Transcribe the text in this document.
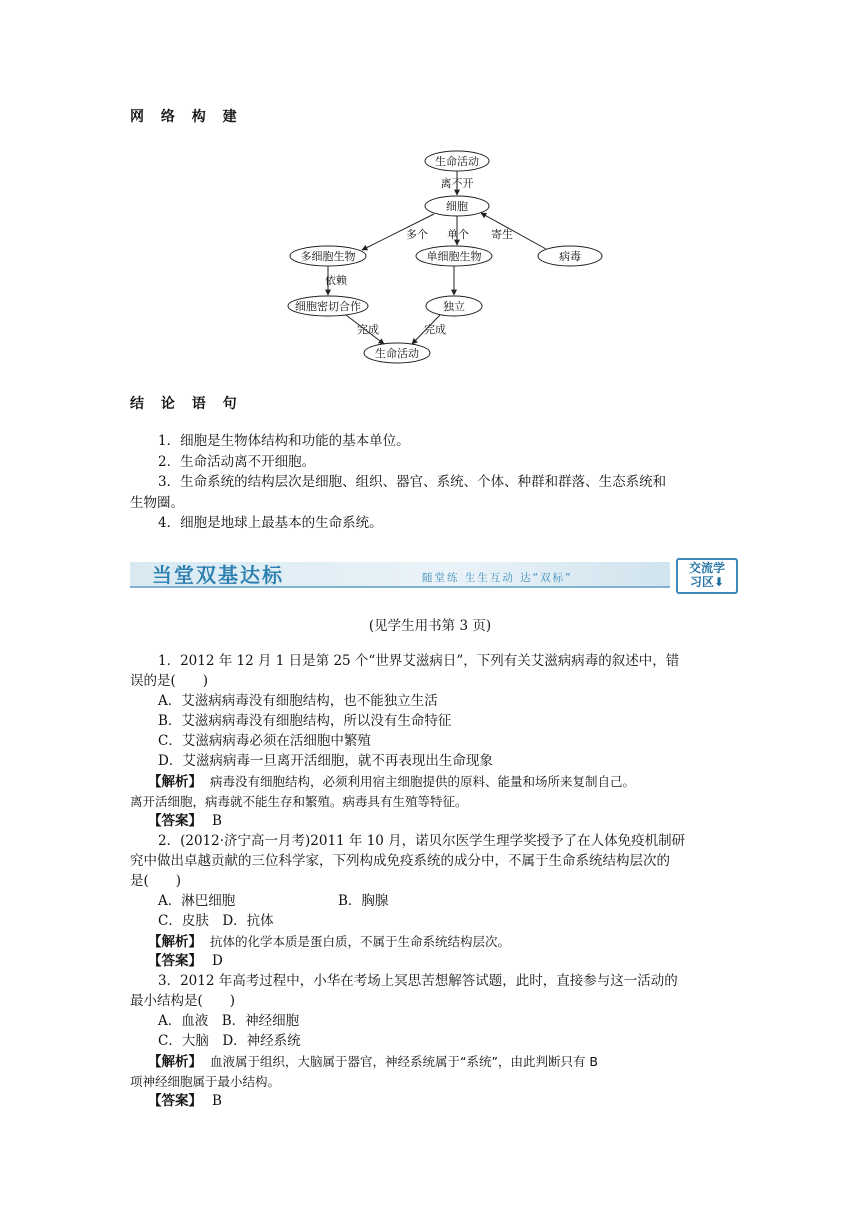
网 络 构 建
生命活动
细胞
多细胞生物	单细胞生物	病毒
细胞密切合作	独立
生命活动
离不开
多个 单个 寄生
依赖
完成	完成
结 论 语 句
1．细胞是生物体结构和功能的基本单位。
2．生命活动离不开细胞。
3．生命系统的结构层次是细胞、组织、器官、系统、个体、种群和群落、生态系统和
生物圈。
4．细胞是地球上最基本的生命系统。
当堂双基达标	随堂练 生生互动 达“双标”
交流学
习区⬇
(见学生用书第 3 页)
1．2012 年 12 月 1 日是第 25 个“世界艾滋病日”，下列有关艾滋病病毒的叙述中，错
误的是(　　)
A．艾滋病病毒没有细胞结构，也不能独立生活
B．艾滋病病毒没有细胞结构，所以没有生命特征
C．艾滋病病毒必须在活细胞中繁殖
D．艾滋病病毒一旦离开活细胞，就不再表现出生命现象
【解析】 病毒没有细胞结构，必须利用宿主细胞提供的原料、能量和场所来复制自己。
离开活细胞，病毒就不能生存和繁殖。病毒具有生殖等特征。
【答案】 B
2．(2012·济宁高一月考)2011 年 10 月，诺贝尔医学生理学奖授予了在人体免疫机制研
究中做出卓越贡献的三位科学家，下列构成免疫系统的成分中，不属于生命系统结构层次的
是(　　)
A．淋巴细胞	B．胸腺
C．皮肤　D．抗体
【解析】 抗体的化学本质是蛋白质，不属于生命系统结构层次。
【答案】 D
3．2012 年高考过程中，小华在考场上冥思苦想解答试题，此时，直接参与这一活动的
最小结构是(　　)
A．血液　B．神经细胞
C．大脑　D．神经系统
【解析】 血液属于组织，大脑属于器官，神经系统属于“系统”，由此判断只有 B
项神经细胞属于最小结构。
【答案】 B
